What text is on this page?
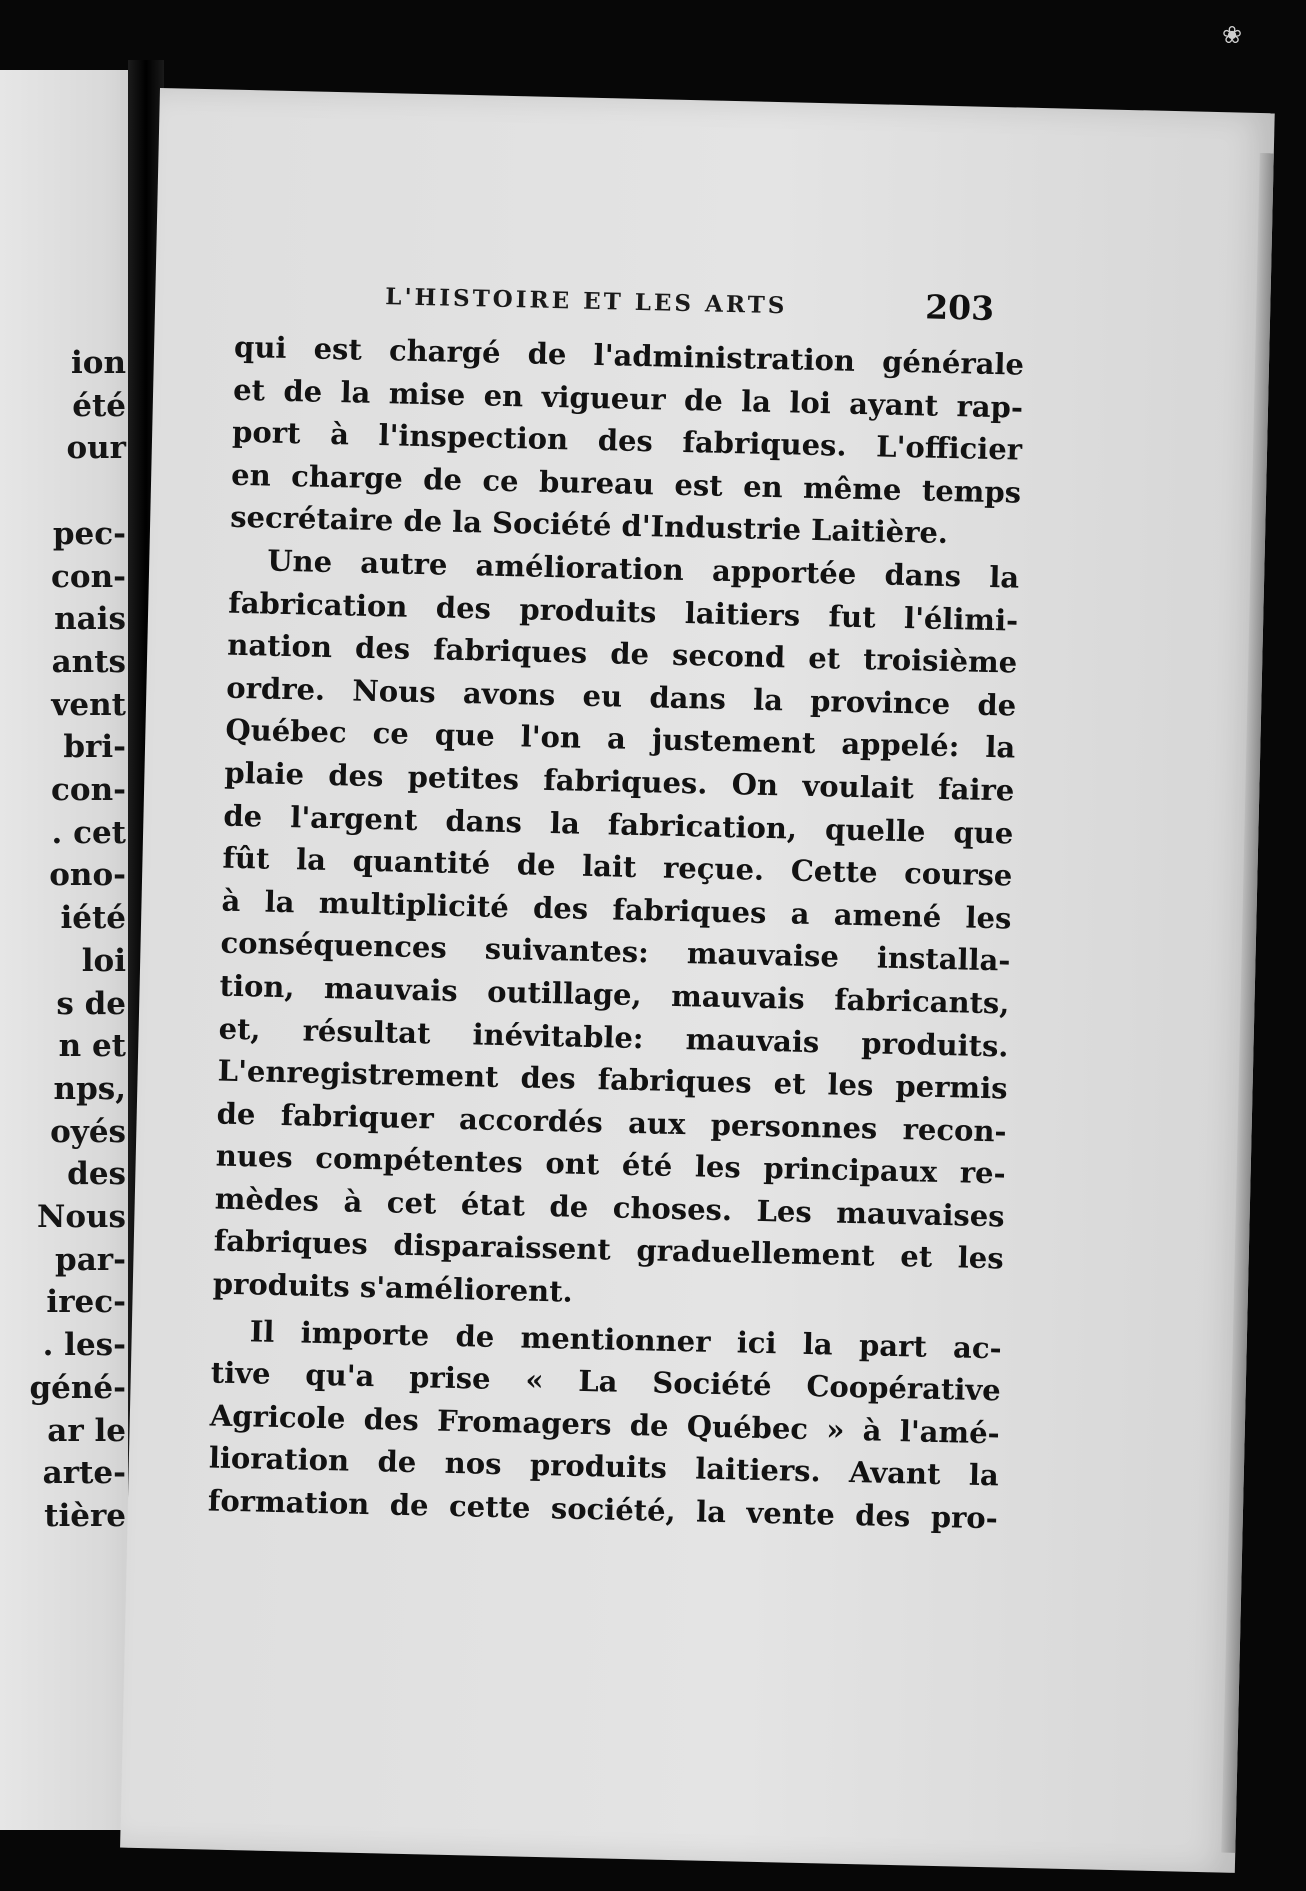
ion
été
our

pec-
con-
nais
ants
vent
bri-
con-
. cet
ono-
iété
loi
s de
n et
nps,
oyés
des
Nous
par-
irec-
. les-
géné-
ar le
arte-
tière
L'HISTOIRE ET LES ARTS	203
qui est chargé de l'administration générale
et de la mise en vigueur de la loi ayant rap-
port à l'inspection des fabriques. L'officier
en charge de ce bureau est en même temps
secrétaire de la Société d'Industrie Laitière.
Une autre amélioration apportée dans la
fabrication des produits laitiers fut l'élimi-
nation des fabriques de second et troisième
ordre. Nous avons eu dans la province de
Québec ce que l'on a justement appelé: la
plaie des petites fabriques. On voulait faire
de l'argent dans la fabrication, quelle que
fût la quantité de lait reçue. Cette course
à la multiplicité des fabriques a amené les
conséquences suivantes: mauvaise installa-
tion, mauvais outillage, mauvais fabricants,
et, résultat inévitable: mauvais produits.
L'enregistrement des fabriques et les permis
de fabriquer accordés aux personnes recon-
nues compétentes ont été les principaux re-
mèdes à cet état de choses. Les mauvaises
fabriques disparaissent graduellement et les
produits s'améliorent.
Il importe de mentionner ici la part ac-
tive qu'a prise « La Société Coopérative
Agricole des Fromagers de Québec » à l'amé-
lioration de nos produits laitiers. Avant la
formation de cette société, la vente des pro-
❀
